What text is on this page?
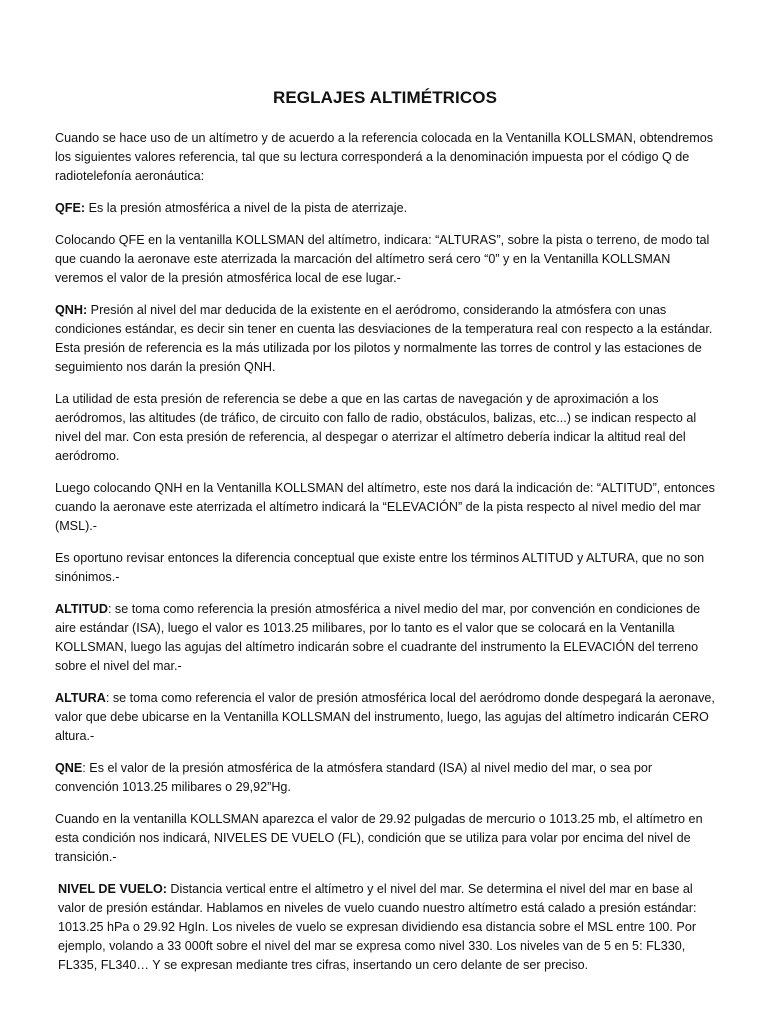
REGLAJES ALTIMÉTRICOS

Cuando se hace uso de un altímetro y de acuerdo a la referencia colocada en la Ventanilla KOLLSMAN, obtendremos los siguientes valores referencia, tal que su lectura corresponderá a la denominación impuesta por el código Q de radiotelefonía aeronáutica:

QFE: Es la presión atmosférica a nivel de la pista de aterrizaje.

Colocando QFE en la ventanilla KOLLSMAN del altímetro, indicara: “ALTURAS”, sobre la pista o terreno, de modo tal que cuando la aeronave este aterrizada la marcación del altímetro será cero “0” y en la Ventanilla KOLLSMAN veremos el valor de la presión atmosférica local de ese lugar.-

QNH: Presión al nivel del mar deducida de la existente en el aeródromo, considerando la atmósfera con unas condiciones estándar, es decir sin tener en cuenta las desviaciones de la temperatura real con respecto a la estándar. Esta presión de referencia es la más utilizada por los pilotos y normalmente las torres de control y las estaciones de seguimiento nos darán la presión QNH.

La utilidad de esta presión de referencia se debe a que en las cartas de navegación y de aproximación a los aeródromos, las altitudes (de tráfico, de circuito con fallo de radio, obstáculos, balizas, etc...) se indican respecto al nivel del mar. Con esta presión de referencia, al despegar o aterrizar el altímetro debería indicar la altitud real del aeródromo.

Luego colocando QNH en la Ventanilla KOLLSMAN del altímetro, este nos dará la indicación de: “ALTITUD”, entonces cuando la aeronave este aterrizada el altímetro indicará la “ELEVACIÓN” de la pista respecto al nivel medio del mar (MSL).-

Es oportuno revisar entonces la diferencia conceptual que existe entre los términos ALTITUD y ALTURA, que no son sinónimos.-

ALTITUD: se toma como referencia la presión atmosférica a nivel medio del mar, por convención en condiciones de aire estándar (ISA), luego el valor es 1013.25 milibares, por lo tanto es el valor que se colocará en la Ventanilla KOLLSMAN, luego las agujas del altímetro indicarán sobre el cuadrante del instrumento la ELEVACIÓN del terreno sobre el nivel del mar.-

ALTURA: se toma como referencia el valor de presión atmosférica local del aeródromo donde despegará la aeronave, valor que debe ubicarse en la Ventanilla KOLLSMAN del instrumento, luego, las agujas del altímetro indicarán CERO altura.-

QNE: Es el valor de la presión atmosférica de la atmósfera standard (ISA) al nivel medio del mar, o sea por convención 1013.25 milibares o 29,92”Hg.

Cuando en la ventanilla KOLLSMAN aparezca el valor de 29.92 pulgadas de mercurio o 1013.25 mb, el altímetro en esta condición nos indicará, NIVELES DE VUELO (FL), condición que se utiliza para volar por encima del nivel de transición.-

NIVEL DE VUELO: Distancia vertical entre el altímetro y el nivel del mar. Se determina el nivel del mar en base al valor de presión estándar. Hablamos en niveles de vuelo cuando nuestro altímetro está calado a presión estándar: 1013.25 hPa o 29.92 HgIn. Los niveles de vuelo se expresan dividiendo esa distancia sobre el MSL entre 100. Por ejemplo, volando a 33 000ft sobre el nivel del mar se expresa como nivel 330. Los niveles van de 5 en 5: FL330, FL335, FL340… Y se expresan mediante tres cifras, insertando un cero delante de ser preciso.
